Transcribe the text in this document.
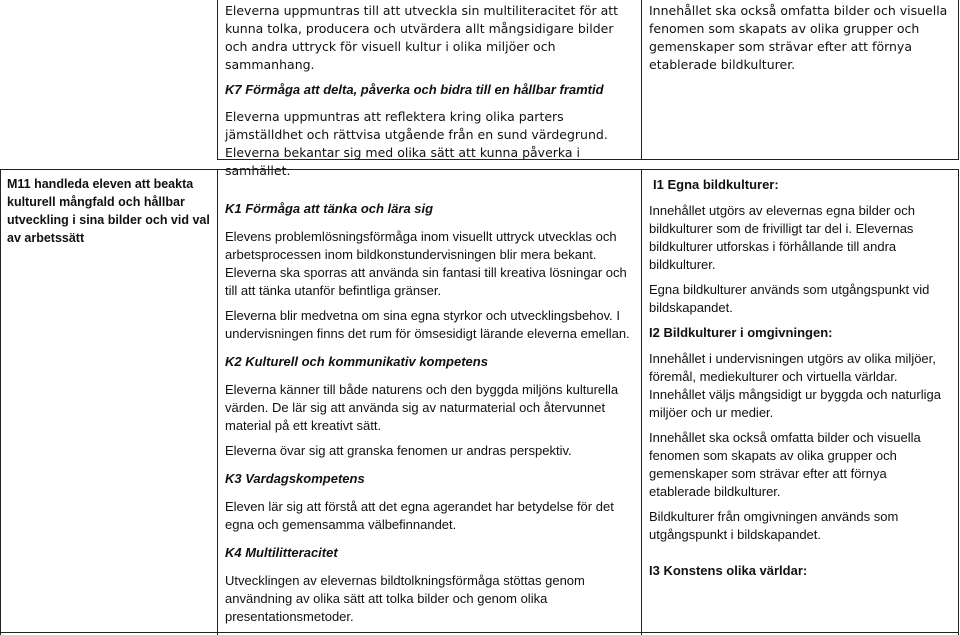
Eleverna uppmuntras till att utveckla sin multiliteracitet för att kunna tolka, producera och utvärdera allt mångsidigare bilder och andra uttryck för visuell kultur i olika miljöer och sammanhang.

K7 Förmåga att delta, påverka och bidra till en hållbar framtid

Eleverna uppmuntras att reflektera kring olika parters jämställdhet och rättvisa utgående från en sund värdegrund. Eleverna bekantar sig med olika sätt att kunna påverka i samhället.

Innehållet ska också omfatta bilder och visuella fenomen som skapats av olika grupper och gemenskaper som strävar efter att förnya etablerade bildkulturer.

M11 handleda eleven att beakta kulturell mångfald och hållbar utveckling i sina bilder och vid val av arbetssätt

K1 Förmåga att tänka och lära sig

Elevens problemlösningsförmåga inom visuellt uttryck utvecklas och arbetsprocessen inom bildkonstundervisningen blir mera bekant. Eleverna ska sporras att använda sin fantasi till kreativa lösningar och till att tänka utanför befintliga gränser.

Eleverna blir medvetna om sina egna styrkor och utvecklingsbehov. I undervisningen finns det rum för ömsesidigt lärande eleverna emellan.

K2 Kulturell och kommunikativ kompetens

Eleverna känner till både naturens och den byggda miljöns kulturella värden. De lär sig att använda sig av naturmaterial och återvunnet material på ett kreativt sätt.

Eleverna övar sig att granska fenomen ur andras perspektiv.

K3 Vardagskompetens

Eleven lär sig att förstå att det egna agerandet har betydelse för det egna och gemensamma välbefinnandet.

K4 Multilitteracitet

Utvecklingen av elevernas bildtolkningsförmåga stöttas genom användning av olika sätt att tolka bilder och genom olika presentationsmetoder.

I1 Egna bildkulturer:

Innehållet utgörs av elevernas egna bilder och bildkulturer som de frivilligt tar del i. Elevernas bildkulturer utforskas i förhållande till andra bildkulturer.

Egna bildkulturer används som utgångspunkt vid bildskapandet.

I2 Bildkulturer i omgivningen:

Innehållet i undervisningen utgörs av olika miljöer, föremål, mediekulturer och virtuella världar. Innehållet väljs mångsidigt ur byggda och naturliga miljöer och ur medier.

Innehållet ska också omfatta bilder och visuella fenomen som skapats av olika grupper och gemenskaper som strävar efter att förnya etablerade bildkulturer.

Bildkulturer från omgivningen används som utgångspunkt i bildskapandet.

I3 Konstens olika världar:
